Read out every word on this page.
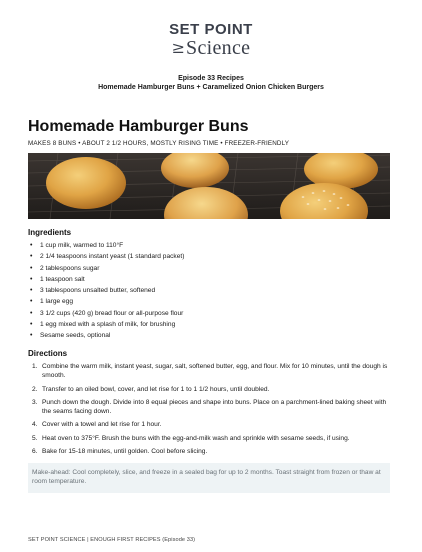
SET POINT
≥ Science
Episode 33 Recipes
Homemade Hamburger Buns + Caramelized Onion Chicken Burgers
Homemade Hamburger Buns
MAKES 8 BUNS • ABOUT 2 1/2 HOURS, MOSTLY RISING TIME • FREEZER-FRIENDLY
Ingredients
• 1 cup milk, warmed to 110°F
• 2 1/4 teaspoons instant yeast (1 standard packet)
• 2 tablespoons sugar
• 1 teaspoon salt
• 3 tablespoons unsalted butter, softened
• 1 large egg
• 3 1/2 cups (420 g) bread flour or all-purpose flour
• 1 egg mixed with a splash of milk, for brushing
• Sesame seeds, optional
Directions
1. Combine the warm milk, instant yeast, sugar, salt, softened butter, egg, and flour. Mix for 10 minutes, until the dough is smooth.
2. Transfer to an oiled bowl, cover, and let rise for 1 to 1 1/2 hours, until doubled.
3. Punch down the dough. Divide into 8 equal pieces and shape into buns. Place on a parchment-lined baking sheet with the seams facing down.
4. Cover with a towel and let rise for 1 hour.
5. Heat oven to 375°F. Brush the buns with the egg-and-milk wash and sprinkle with sesame seeds, if using.
6. Bake for 15-18 minutes, until golden. Cool before slicing.
Make-ahead: Cool completely, slice, and freeze in a sealed bag for up to 2 months. Toast straight from frozen or thaw at room temperature.
SET POINT SCIENCE | ENOUGH FIRST RECIPES (Episode 33)
